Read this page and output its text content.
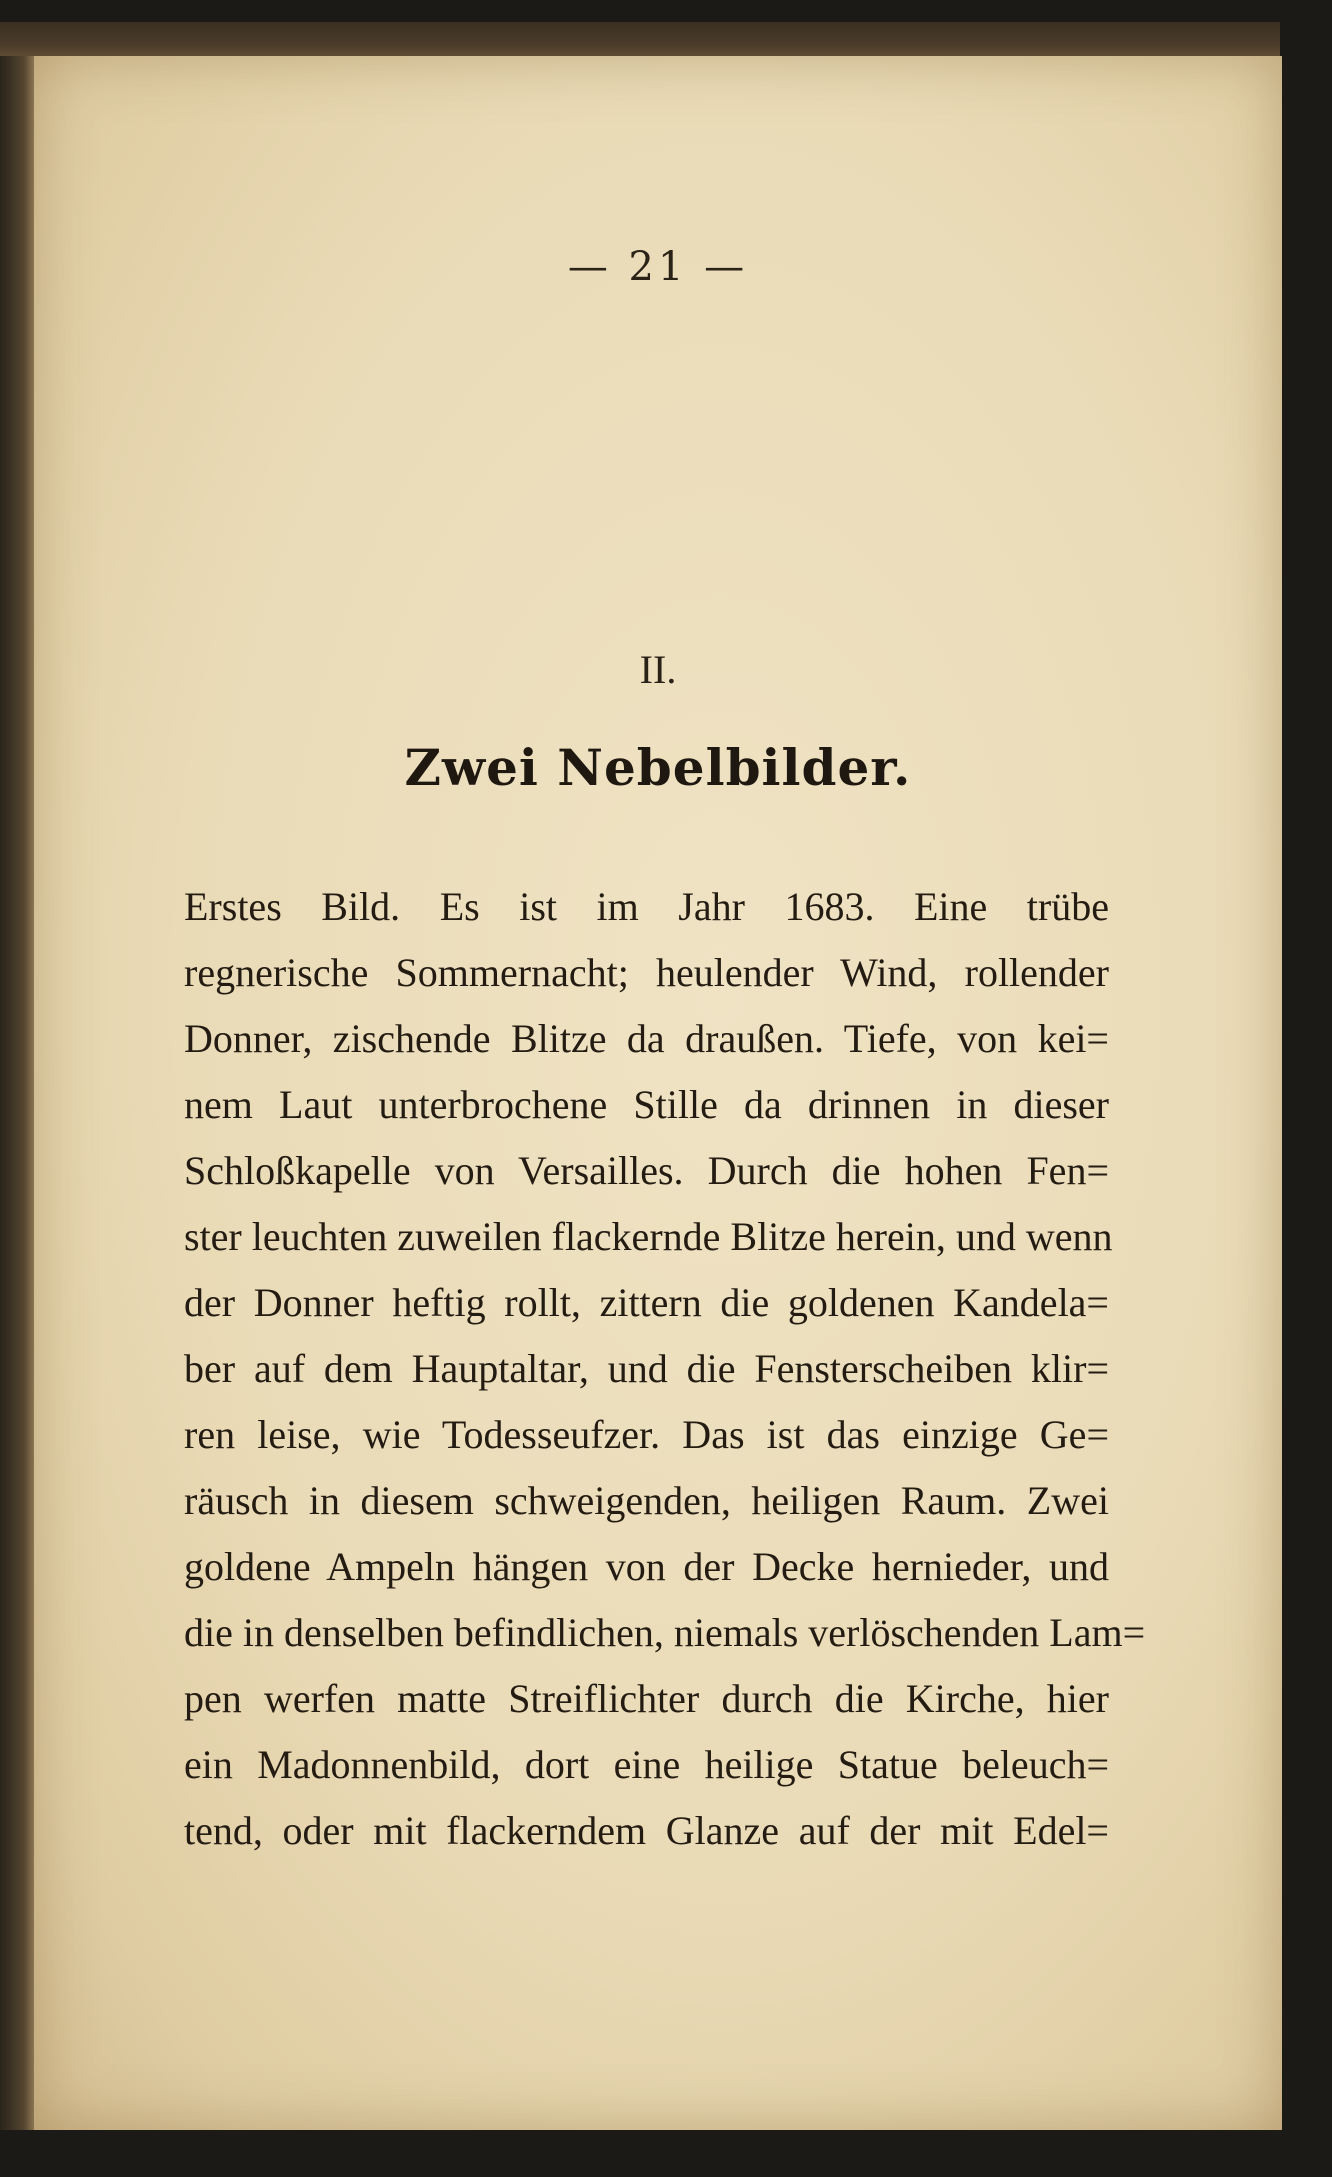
— 21 —
II.
Zwei Nebelbilder.
Erstes Bild. Es ist im Jahr 1683. Eine trübe
regnerische Sommernacht; heulender Wind, rollender
Donner, zischende Blitze da draußen. Tiefe, von kei=
nem Laut unterbrochene Stille da drinnen in dieser
Schloßkapelle von Versailles. Durch die hohen Fen=
ster leuchten zuweilen flackernde Blitze herein, und wenn
der Donner heftig rollt, zittern die goldenen Kandela=
ber auf dem Hauptaltar, und die Fensterscheiben klir=
ren leise, wie Todesseufzer. Das ist das einzige Ge=
räusch in diesem schweigenden, heiligen Raum. Zwei
goldene Ampeln hängen von der Decke hernieder, und
die in denselben befindlichen, niemals verlöschenden Lam=
pen werfen matte Streiflichter durch die Kirche, hier
ein Madonnenbild, dort eine heilige Statue beleuch=
tend, oder mit flackerndem Glanze auf der mit Edel=
